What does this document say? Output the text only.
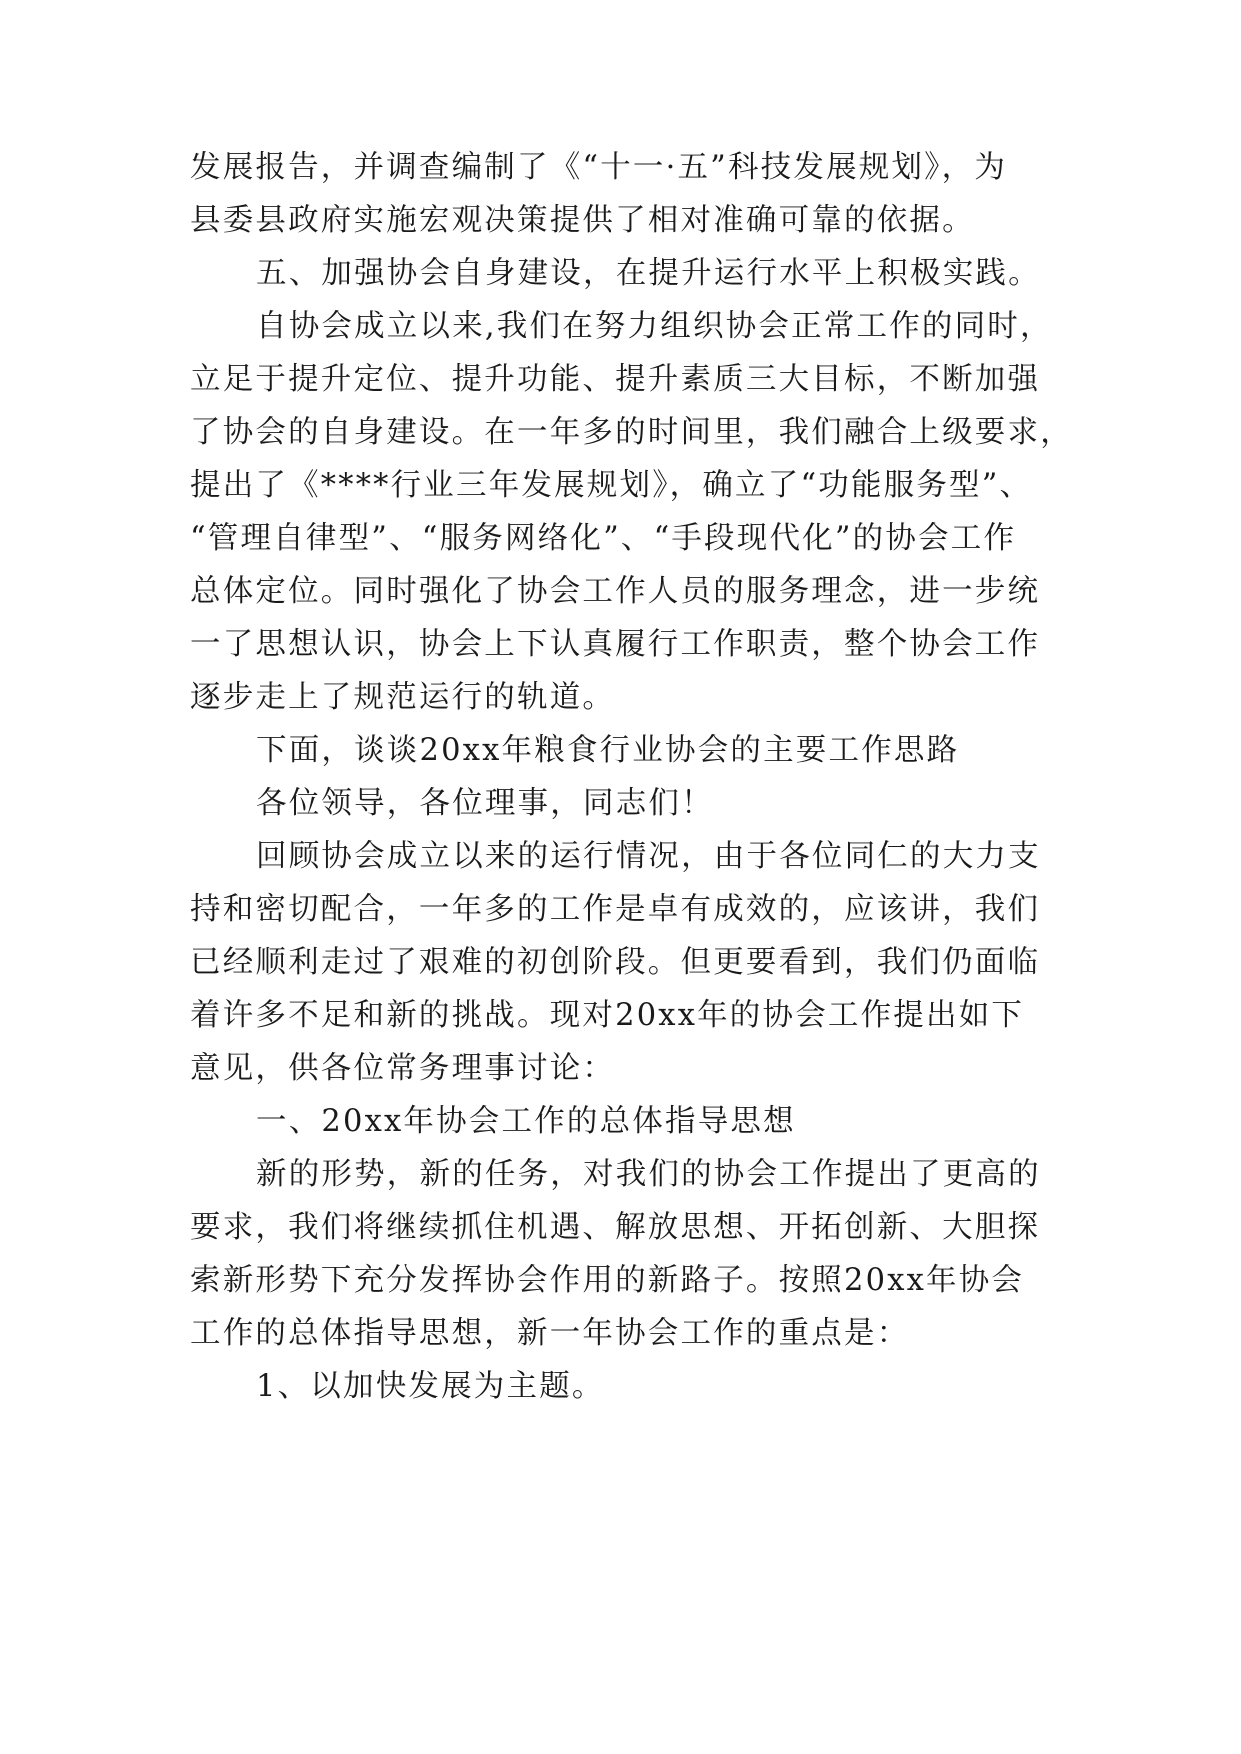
发展报告，并调查编制了《“十一·五”科技发展规划》，为
县委县政府实施宏观决策提供了相对准确可靠的依据。
五、加强协会自身建设，在提升运行水平上积极实践。
自协会成立以来,我们在努力组织协会正常工作的同时，
立足于提升定位、提升功能、提升素质三大目标，不断加强
了协会的自身建设。在一年多的时间里，我们融合上级要求，
提出了《****行业三年发展规划》，确立了“功能服务型”、
“管理自律型”、“服务网络化”、“手段现代化”的协会工作
总体定位。同时强化了协会工作人员的服务理念，进一步统
一了思想认识，协会上下认真履行工作职责，整个协会工作
逐步走上了规范运行的轨道。
下面，谈谈20xx年粮食行业协会的主要工作思路
各位领导，各位理事，同志们！
回顾协会成立以来的运行情况，由于各位同仁的大力支
持和密切配合，一年多的工作是卓有成效的，应该讲，我们
已经顺利走过了艰难的初创阶段。但更要看到，我们仍面临
着许多不足和新的挑战。现对20xx年的协会工作提出如下
意见，供各位常务理事讨论：
一、20xx年协会工作的总体指导思想
新的形势，新的任务，对我们的协会工作提出了更高的
要求，我们将继续抓住机遇、解放思想、开拓创新、大胆探
索新形势下充分发挥协会作用的新路子。按照20xx年协会
工作的总体指导思想，新一年协会工作的重点是：
1、以加快发展为主题。
